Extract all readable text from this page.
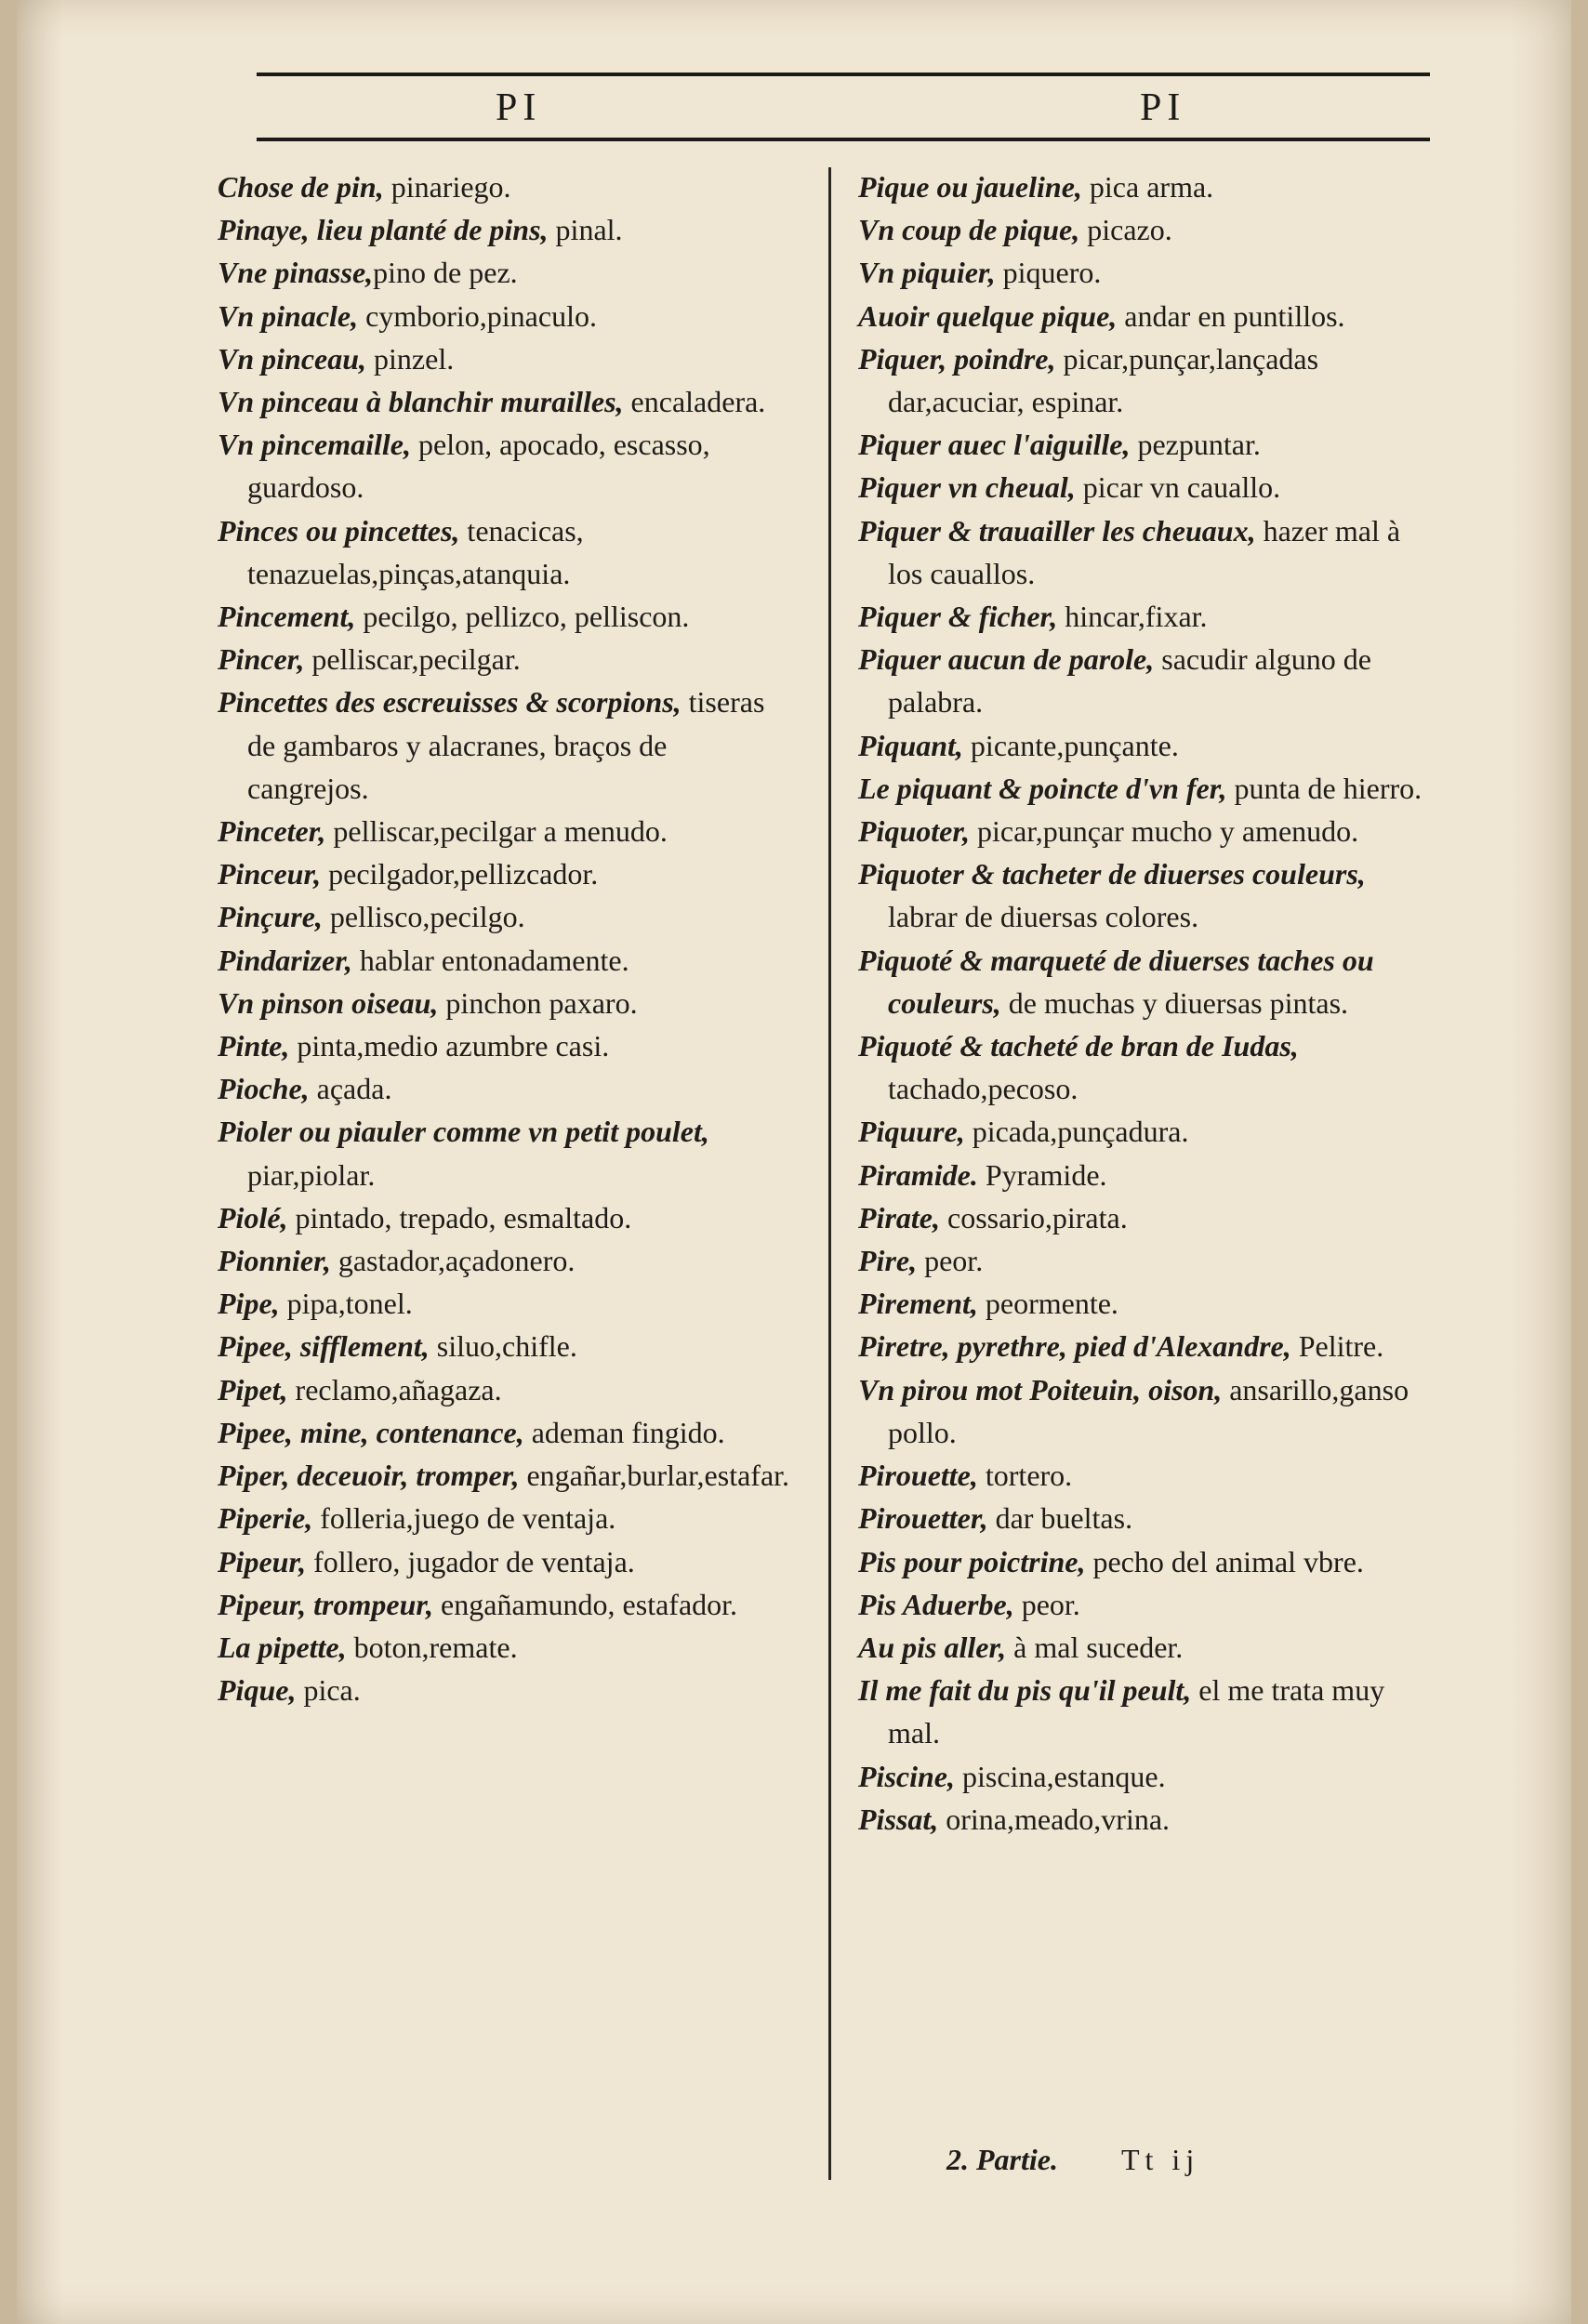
PI	PI

Chose de pin, pinariego.

Pinaye, lieu planté de pins, pinal.

Vne pinasse,pino de pez.

Vn pinacle, cymborio,pinaculo.

Vn pinceau, pinzel.

Vn pinceau à blanchir murailles, encaladera.

Vn pincemaille, pelon, apocado, escasso, guardoso.

Pinces ou pincettes, tenacicas, tenazuelas,pinças,atanquia.

Pincement, pecilgo, pellizco, pelliscon.

Pincer, pelliscar,pecilgar.

Pincettes des escreuisses & scorpions, tiseras de gambaros y alacranes, braços de cangrejos.

Pinceter, pelliscar,pecilgar a menudo.

Pinceur, pecilgador,pellizcador.

Pinçure, pellisco,pecilgo.

Pindarizer, hablar entonadamente.

Vn pinson oiseau, pinchon paxaro.

Pinte, pinta,medio azumbre casi.

Pioche, açada.

Pioler ou piauler comme vn petit poulet, piar,piolar.

Piolé, pintado, trepado, esmaltado.

Pionnier, gastador,açadonero.

Pipe, pipa,tonel.

Pipee, sifflement, siluo,chifle.

Pipet, reclamo,añagaza.

Pipee, mine, contenance, ademan fingido.

Piper, deceuoir, tromper, engañar,burlar,estafar.

Piperie, folleria,juego de ventaja.

Pipeur, follero, jugador de ventaja.

Pipeur, trompeur, engañamundo, estafador.

La pipette, boton,remate.

Pique, pica.

Pique ou jaueline, pica arma.

Vn coup de pique, picazo.

Vn piquier, piquero.

Auoir quelque pique, andar en puntillos.

Piquer, poindre, picar,punçar,lançadas dar,acuciar, espinar.

Piquer auec l'aiguille, pezpuntar.

Piquer vn cheual, picar vn cauallo.

Piquer & trauailler les cheuaux, hazer mal à los cauallos.

Piquer & ficher, hincar,fixar.

Piquer aucun de parole, sacudir alguno de palabra.

Piquant, picante,punçante.

Le piquant & poincte d'vn fer, punta de hierro.

Piquoter, picar,punçar mucho y amenudo.

Piquoter & tacheter de diuerses couleurs, labrar de diuersas colores.

Piquoté & marqueté de diuerses taches ou couleurs, de muchas y diuersas pintas.

Piquoté & tacheté de bran de Iudas, tachado,pecoso.

Piquure, picada,punçadura.

Piramide. Pyramide.

Pirate, cossario,pirata.

Pire, peor.

Pirement, peormente.

Piretre, pyrethre, pied d'Alexandre, Pelitre.

Vn pirou mot Poiteuin, oison, ansarillo,ganso pollo.

Pirouette, tortero.

Pirouetter, dar bueltas.

Pis pour poictrine, pecho del animal vbre.

Pis Aduerbe, peor.

Au pis aller, à mal suceder.

Il me fait du pis qu'il peult, el me trata muy mal.

Piscine, piscina,estanque.

Pissat, orina,meado,vrina.

2. Partie. Tt ij
